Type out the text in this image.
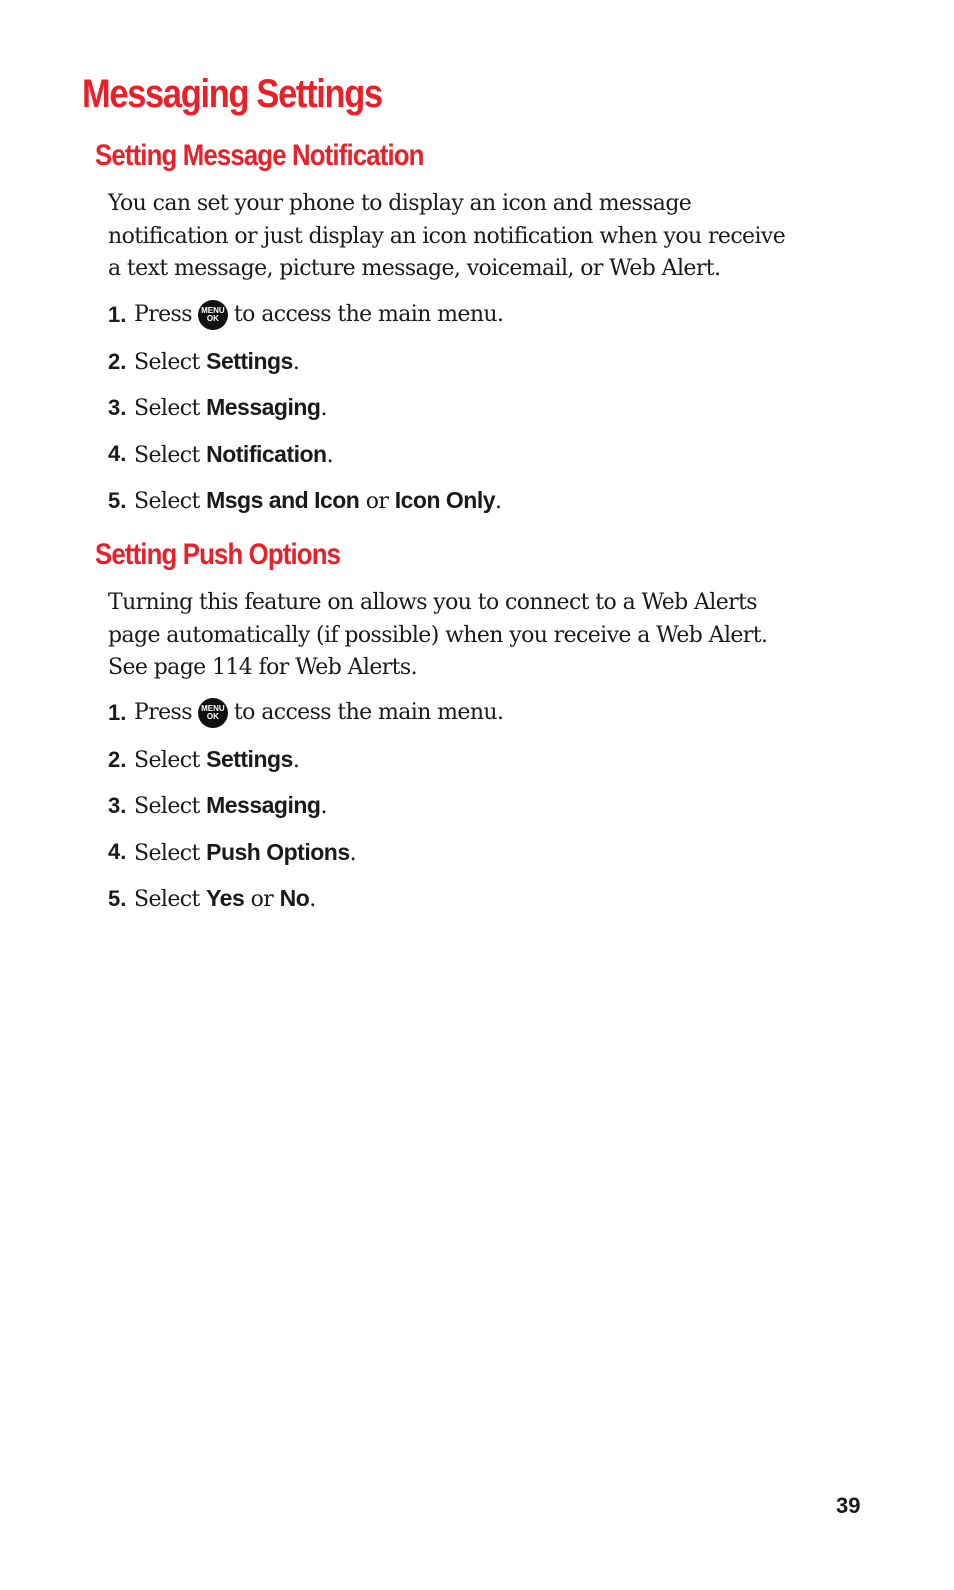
Messaging Settings
Setting Message Notification
You can set your phone to display an icon and message
notification or just display an icon notification when you receive
a text message, picture message, voicemail, or Web Alert.
1. Press MENU
OK to access the main menu.
2. Select Settings.
3. Select Messaging.
4. Select Notification.
5. Select Msgs and Icon or Icon Only.
Setting Push Options
Turning this feature on allows you to connect to a Web Alerts
page automatically (if possible) when you receive a Web Alert.
See page 114 for Web Alerts.
1. Press MENU
OK to access the main menu.
2. Select Settings.
3. Select Messaging.
4. Select Push Options.
5. Select Yes or No.
39
